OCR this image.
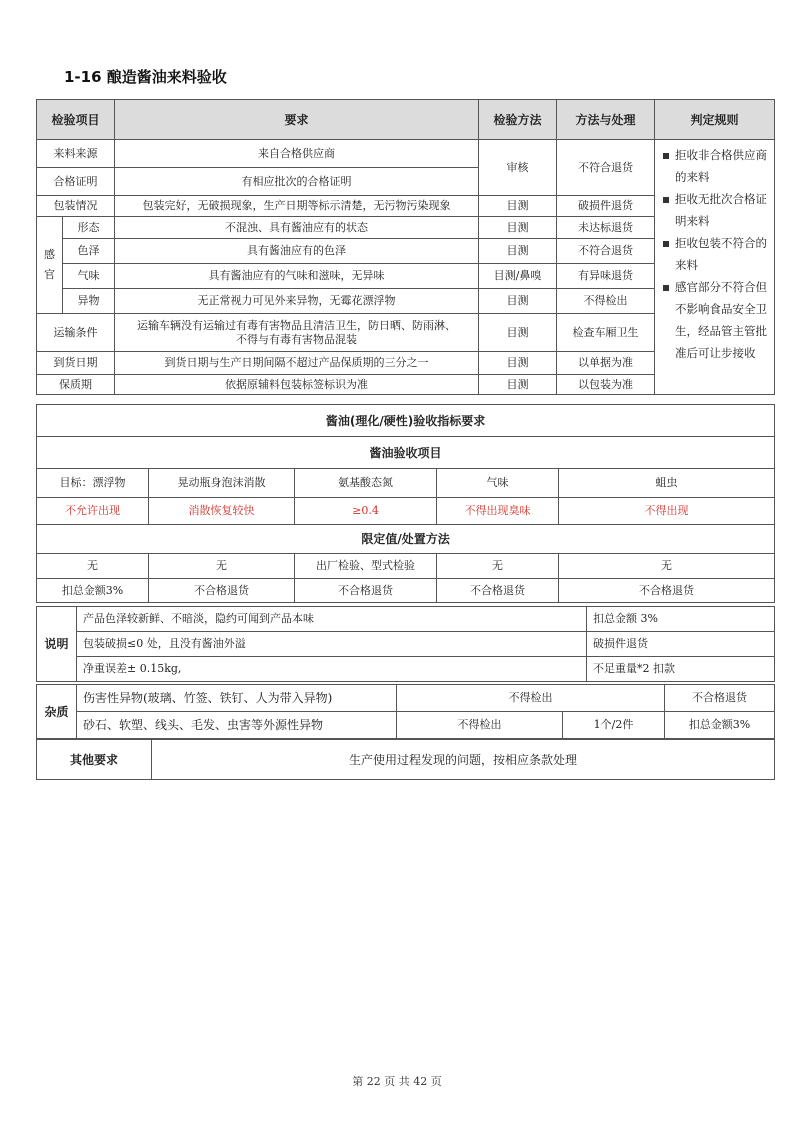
1-16 酿造酱油来料验收
检验项目		要求	检验方法	方法与处理	判定规则
来料来源		来自合格供应商	审核	不符合退货	拒收非合格供应商的来料
拒收无批次合格证明来料
拒收包装不符合的来料
感官部分不符合但不影响食品安全卫生，经品管主管批准后可让步接收

合格证明		有相应批次的合格证明			
包装情况		包装完好，无破损现象，生产日期等标示清楚，无污物污染现象	目测	破损件退货	
感官	形态	不混浊、具有酱油应有的状态	目测	未达标退货	
	色泽	具有酱油应有的色泽	目测	不符合退货	
	气味	具有酱油应有的气味和滋味，无异味	目测/鼻嗅	有异味退货	
	异物	无正常视力可见外来异物，无霉花漂浮物	目测	不得检出	
运输条件		运输车辆没有运输过有毒有害物品且清洁卫生，防日晒、防雨淋、
不得与有毒有害物品混装	目测	检查车厢卫生	
到货日期		到货日期与生产日期间隔不超过产品保质期的三分之一	目测	以单据为准	
保质期		依据原辅料包装标签标识为准	目测	以包装为准	
酱油(理化/硬性)验收指标要求				
酱油验收项目				
目标：漂浮物	晃动瓶身泡沫消散	氨基酸态氮	气味	蛆虫
不允许出现	消散恢复较快	≥0.4	不得出现臭味	不得出现
限定值/处置方法				
无	无	出厂检验、型式检验	无	无
扣总金额3%	不合格退货	不合格退货	不合格退货	不合格退货
说明	产品色泽较新鲜、不暗淡，隐约可闻到产品本味	扣总金额 3%
	包装破损≤0 处，且没有酱油外溢	破损件退货
	净重误差± 0.15kg,	不足重量*2 扣款
杂质	伤害性异物(玻璃、竹签、铁钉、人为带入异物)	不得检出		不合格退货
	砂石、软塑、线头、毛发、虫害等外源性异物	不得检出	1个/2件	扣总金额3%
其他要求	生产使用过程发现的问题，按相应条款处理
第 22 页 共 42 页
